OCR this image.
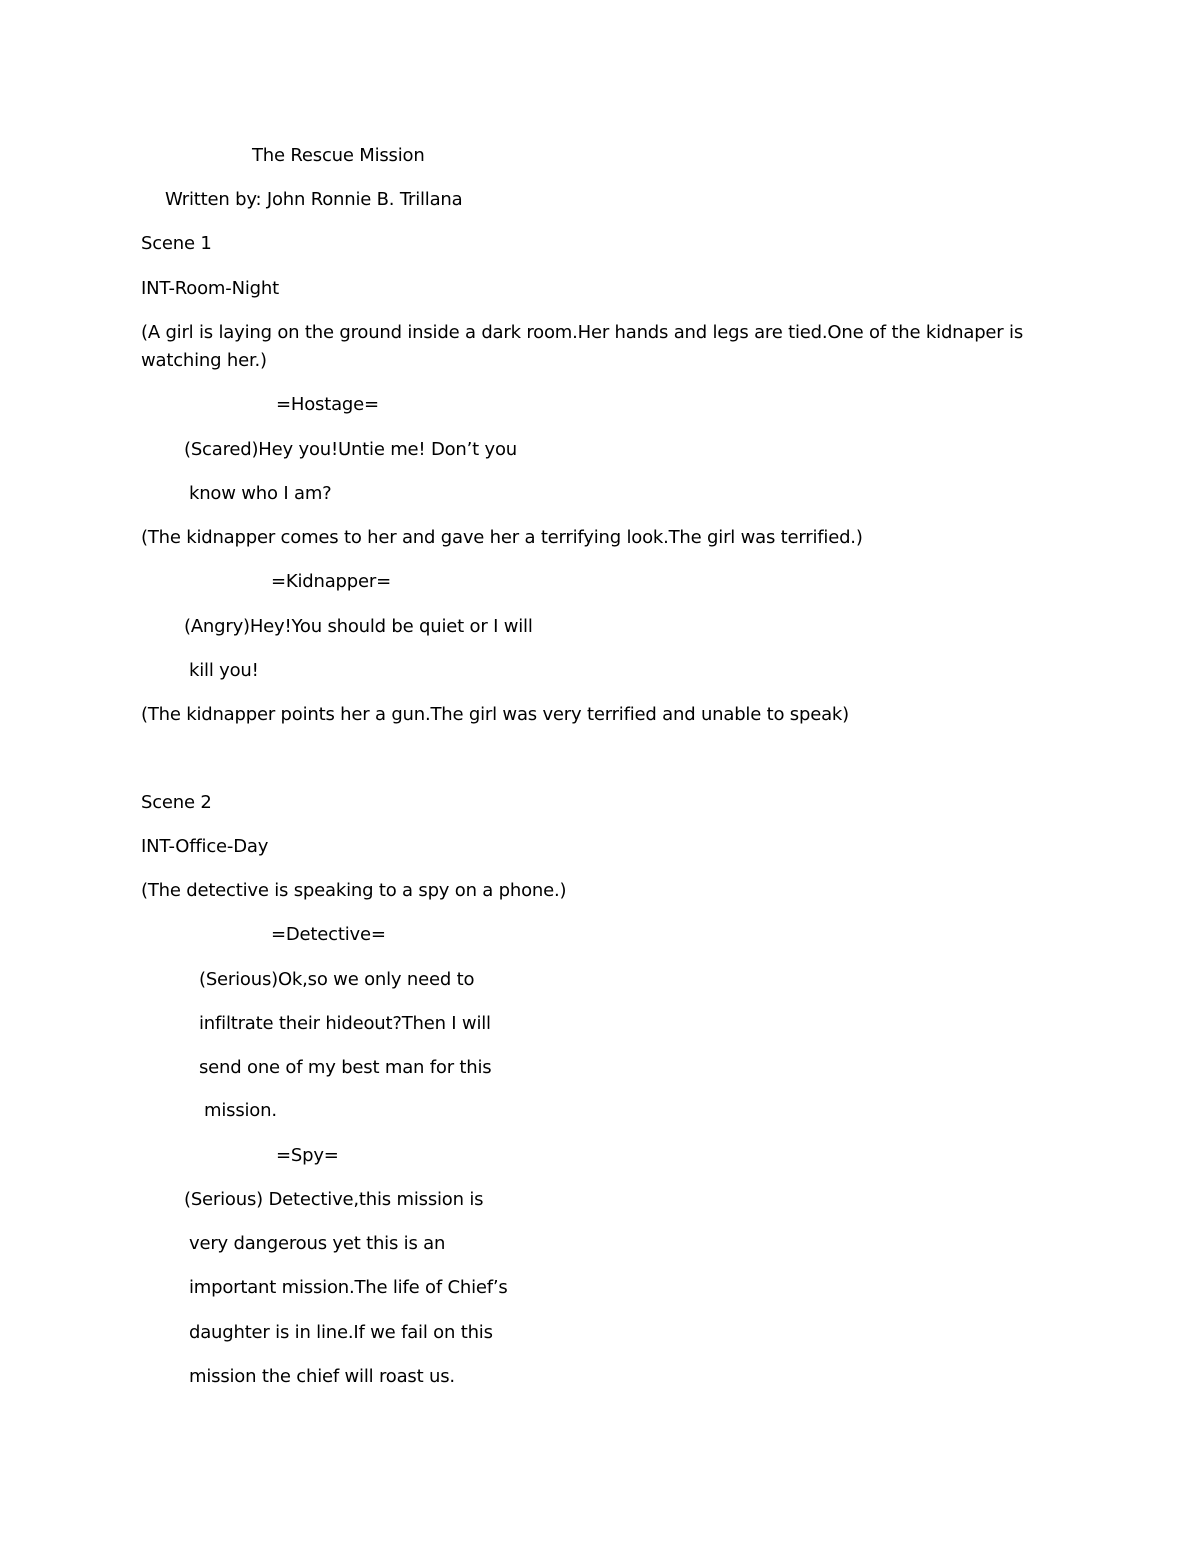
The Rescue Mission
Written by: John Ronnie B. Trillana
Scene 1
INT-Room-Night
(A girl is laying on the ground inside a dark room.Her hands and legs are tied.One of the kidnaper is watching her.)
=Hostage=
(Scared)Hey you!Untie me! Don’t you
know who I am?
(The kidnapper comes to her and gave her a terrifying look.The girl was terrified.)
=Kidnapper=
(Angry)Hey!You should be quiet or I will
kill you!
(The kidnapper points her a gun.The girl was very terrified and unable to speak)
Scene 2
INT-Office-Day
(The detective is speaking to a spy on a phone.)
=Detective=
(Serious)Ok,so we only need to
infiltrate their hideout?Then I will
send one of my best man for this
mission.
=Spy=
(Serious) Detective,this mission is
very dangerous yet this is an
important mission.The life of Chief’s
daughter is in line.If we fail on this
mission the chief will roast us.
